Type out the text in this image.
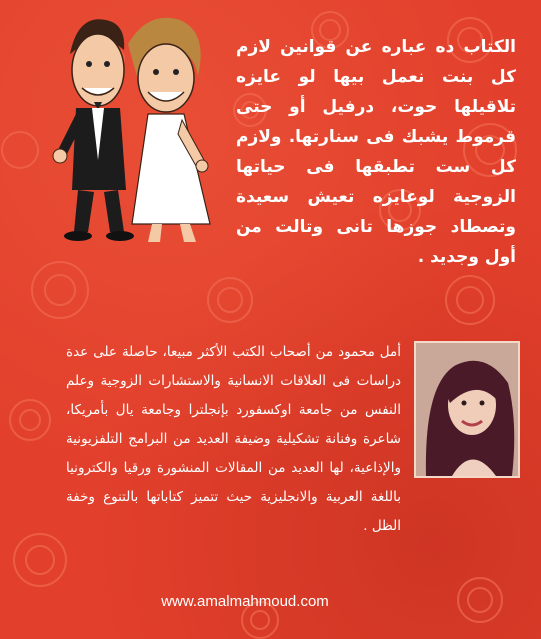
الكتاب ده عباره عن قوانين لازم كل بنت نعمل بيها لو عايزه تلاقيلها حوت، درفيل أو حتى قرموط يشبك فى سنارتها. ولازم كل ست تطبقها فى حياتها الزوجية لوعايزه تعيش سعيدة وتصطاد جوزها تانى وتالت من أول وجديد .

أمل محمود من أصحاب الكتب الأكثر مبيعا، حاصلة على عدة دراسات فى العلاقات الانسانية والاستشارات الزوجية وعلم النفس من جامعة اوكسفورد بإنجلترا وجامعة يال بأمريكا، شاعرة وفنانة تشكيلية وضيفة العديد من البرامج التلفزيونية والإذاعية، لها العديد من المقالات المنشورة ورقيا والكترونيا باللغة العربية والانجليزية حيث تتميز كتاباتها بالتنوع وخفة الظل .

www.amalmahmoud.com
